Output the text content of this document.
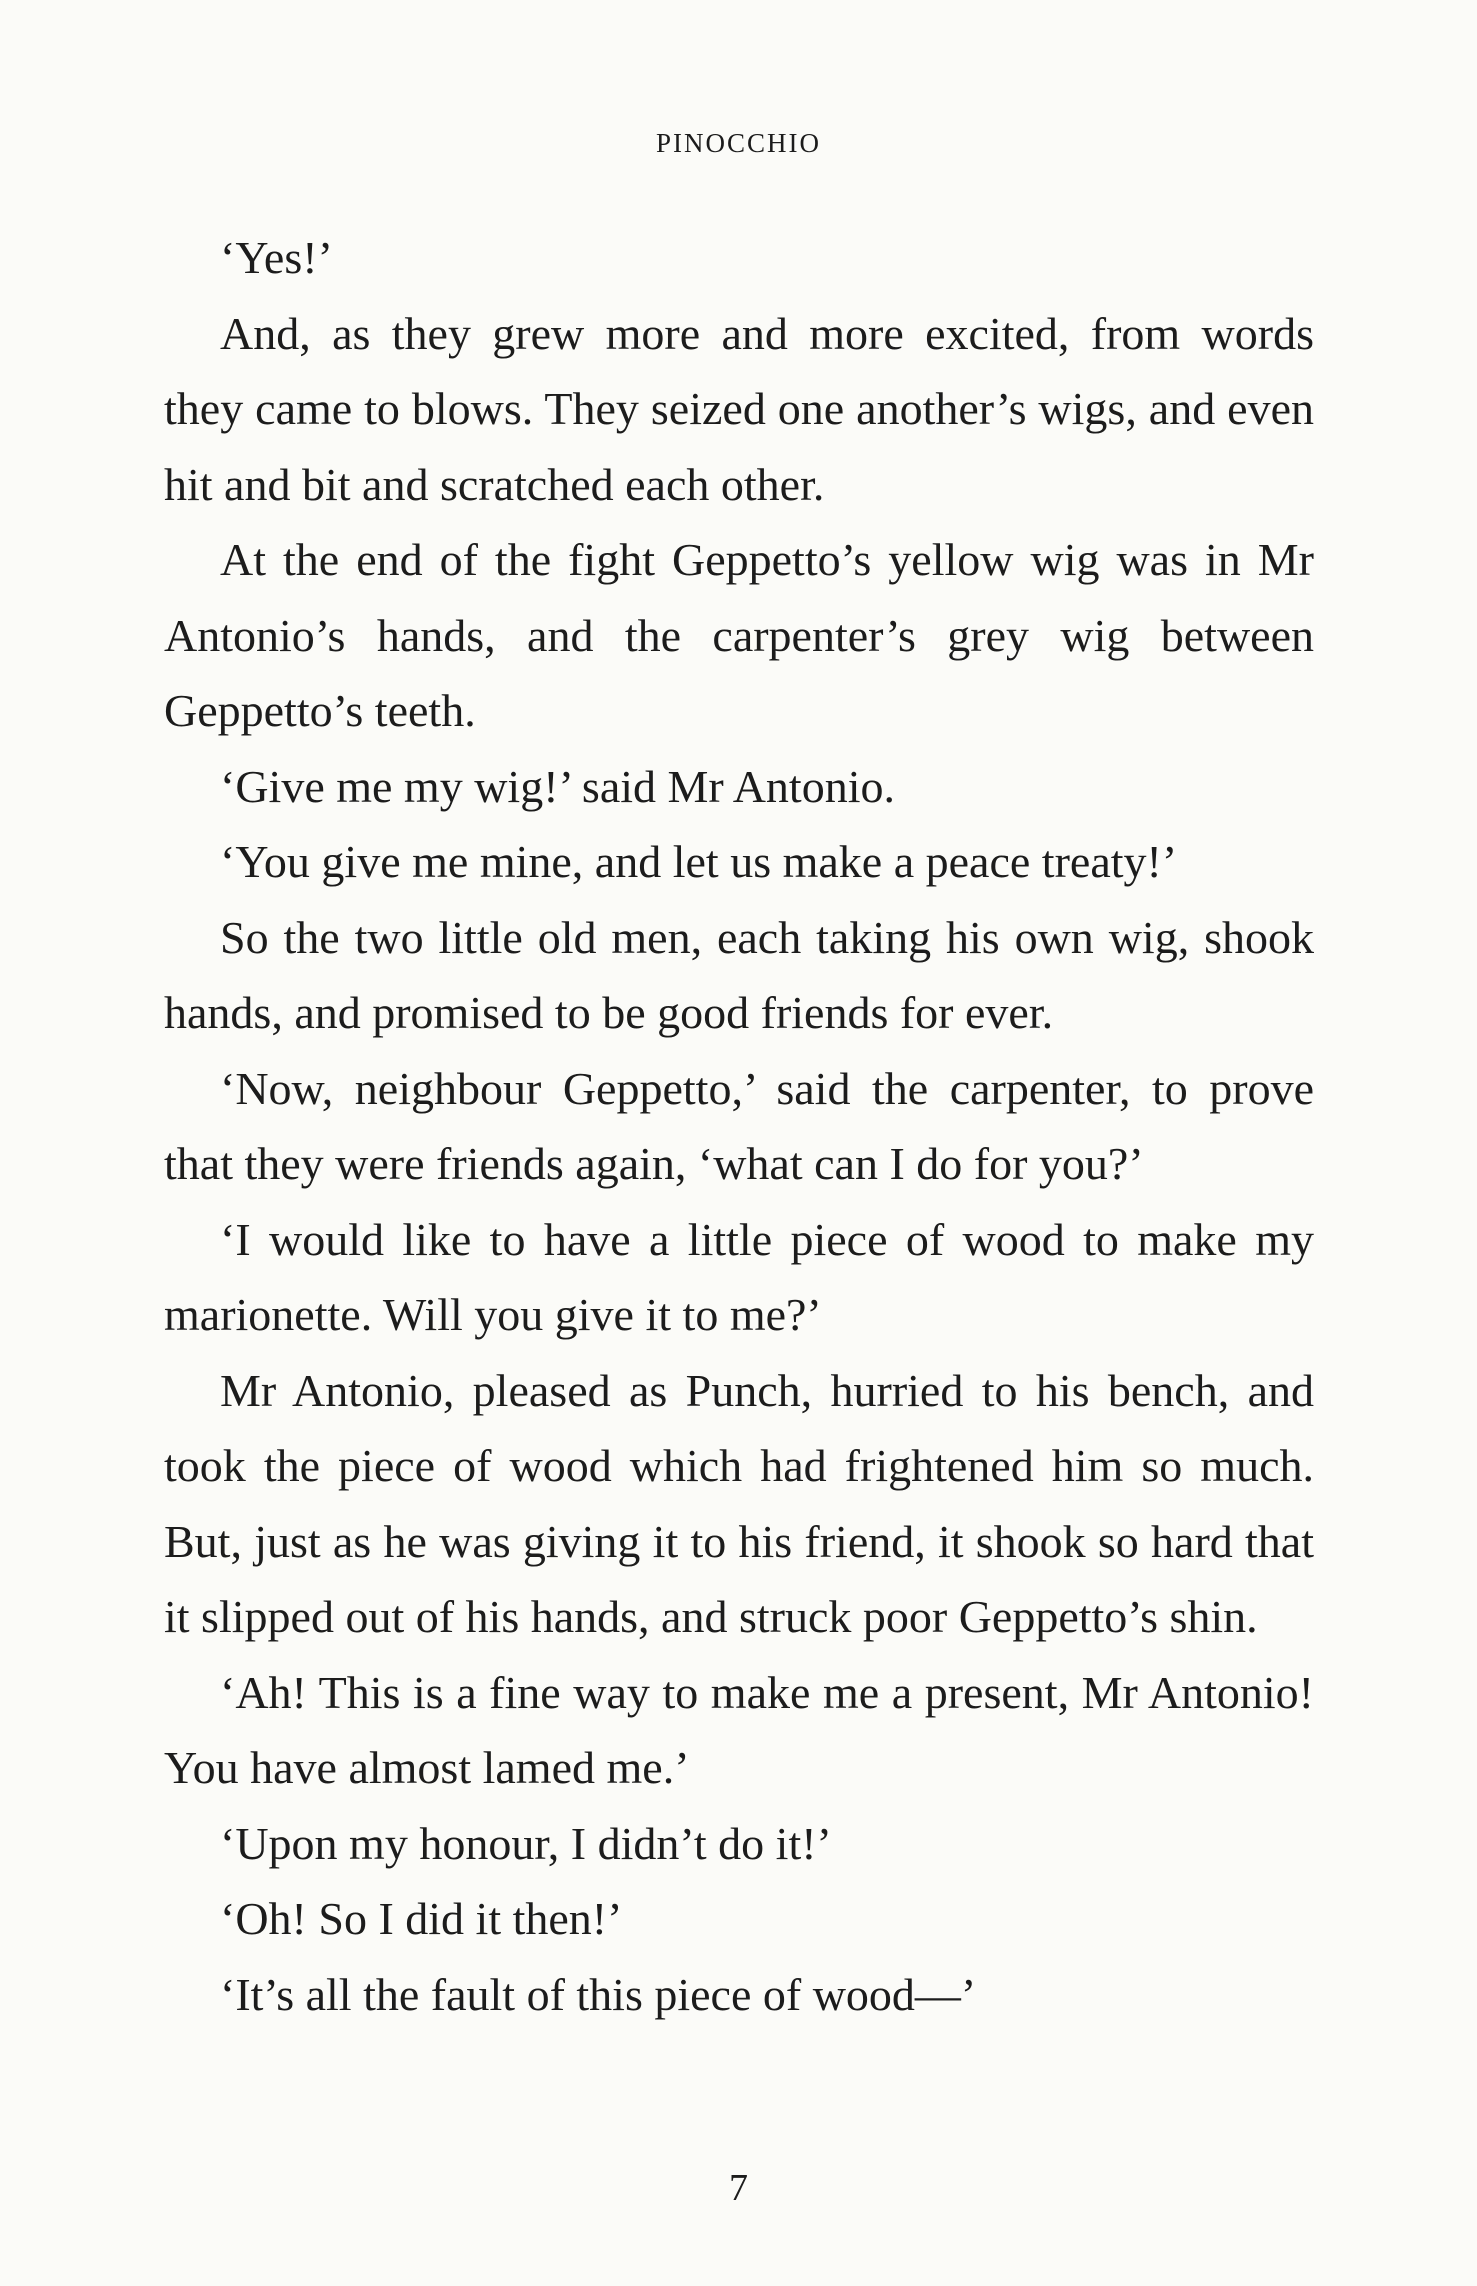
PINOCCHIO

‘Yes!’

And, as they grew more and more excited, from words they came to blows. They seized one another’s wigs, and even hit and bit and scratched each other.

At the end of the fight Geppetto’s yellow wig was in Mr Antonio’s hands, and the carpenter’s grey wig between Geppetto’s teeth.

‘Give me my wig!’ said Mr Antonio.

‘You give me mine, and let us make a peace treaty!’

So the two little old men, each taking his own wig, shook hands, and promised to be good friends for ever.

‘Now, neighbour Geppetto,’ said the carpenter, to prove that they were friends again, ‘what can I do for you?’

‘I would like to have a little piece of wood to make my marionette. Will you give it to me?’

Mr Antonio, pleased as Punch, hurried to his bench, and took the piece of wood which had frightened him so much. But, just as he was giving it to his friend, it shook so hard that it slipped out of his hands, and struck poor Geppetto’s shin.

‘Ah! This is a fine way to make me a present, Mr Antonio! You have almost lamed me.’

‘Upon my honour, I didn’t do it!’

‘Oh! So I did it then!’

‘It’s all the fault of this piece of wood—’

7
